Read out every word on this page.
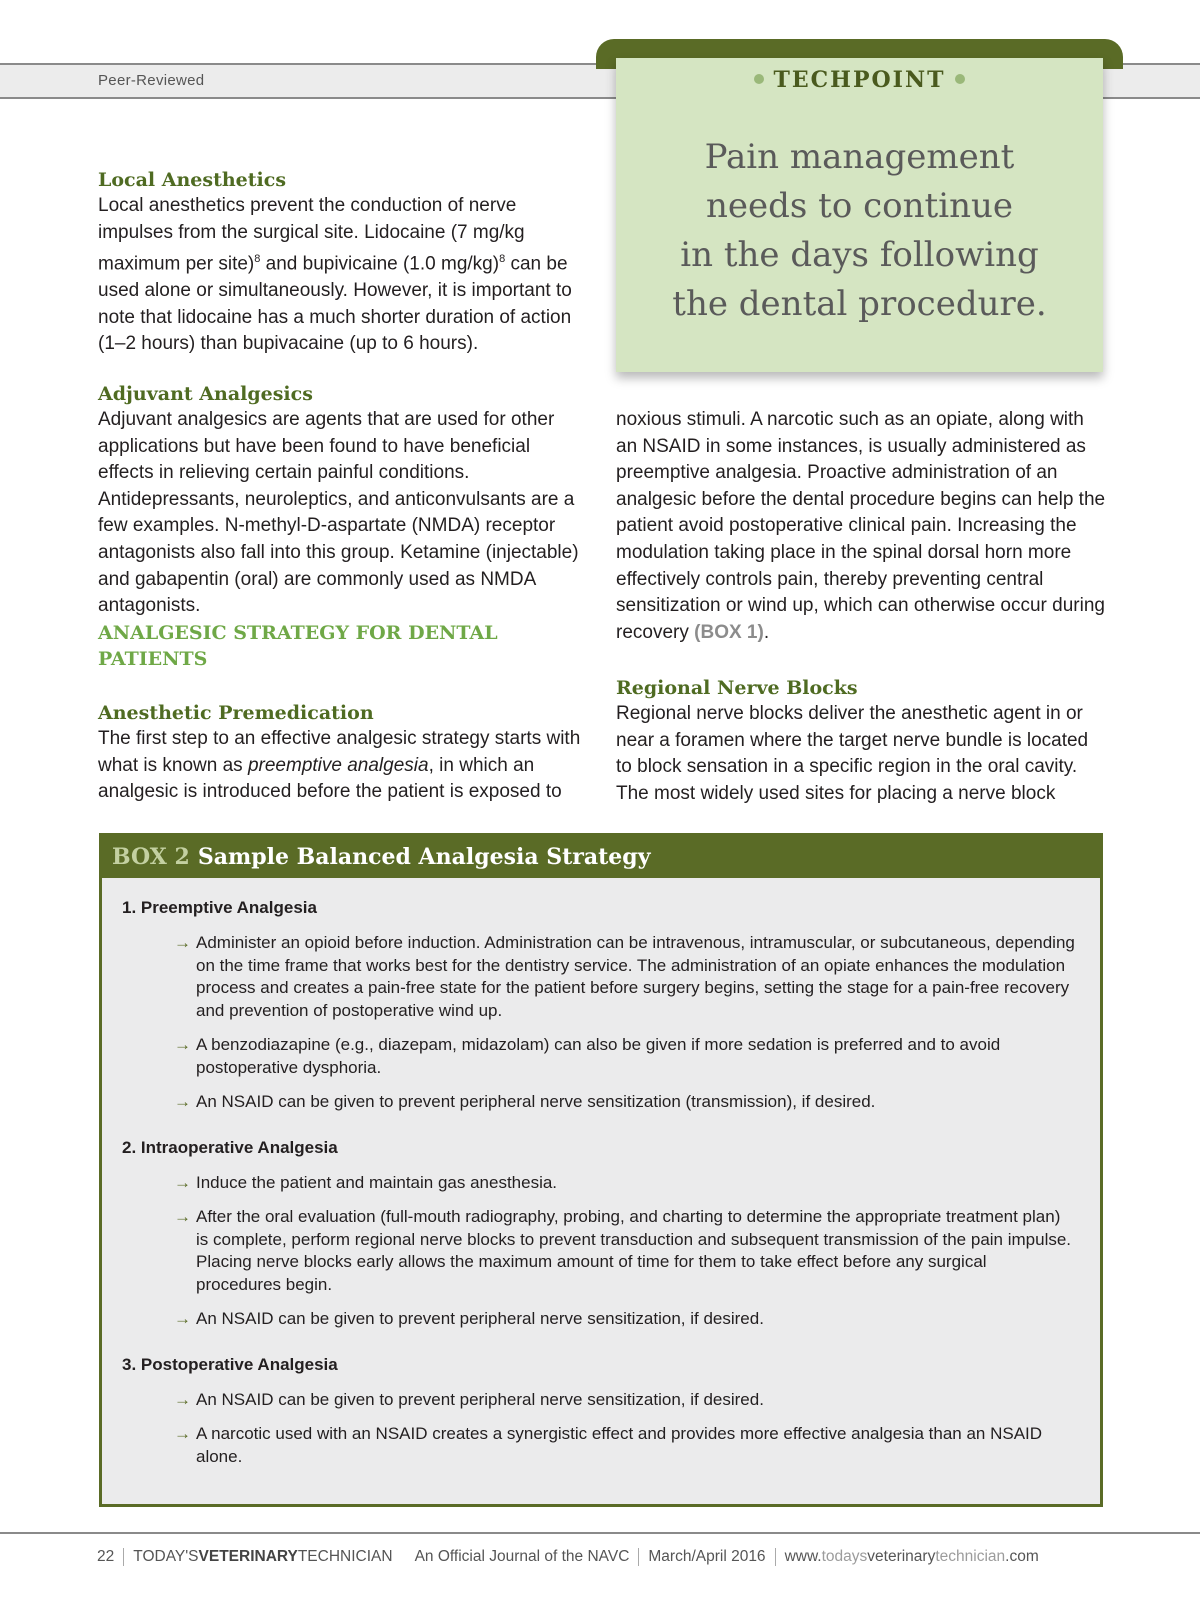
Peer-Reviewed	TECHPOINT
Pain management
needs to continue
in the days following
the dental procedure.
Local Anesthetics
Local anesthetics prevent the conduction of nerve impulses from the surgical site. Lidocaine (7 mg/kg maximum per site)$^8$ and bupivicaine (1.0 mg/kg)$^8$ can be used alone or simultaneously. However, it is important to note that lidocaine has a much shorter duration of action (1–2 hours) than bupivacaine (up to 6 hours).
Adjuvant Analgesics
Adjuvant analgesics are agents that are used for other applications but have been found to have beneficial effects in relieving certain painful conditions. Antidepressants, neuroleptics, and anticonvulsants are a few examples. N-methyl-D-aspartate (NMDA) receptor antagonists also fall into this group. Ketamine (injectable) and gabapentin (oral) are commonly used as NMDA antagonists.
ANALGESIC STRATEGY FOR DENTAL PATIENTS
Anesthetic Premedication
The first step to an effective analgesic strategy starts with what is known as preemptive analgesia, in which an analgesic is introduced before the patient is exposed to
noxious stimuli. A narcotic such as an opiate, along with an NSAID in some instances, is usually administered as preemptive analgesia. Proactive administration of an analgesic before the dental procedure begins can help the patient avoid postoperative clinical pain. Increasing the modulation taking place in the spinal dorsal horn more effectively controls pain, thereby preventing central sensitization or wind up, which can otherwise occur during recovery (BOX 1).
Regional Nerve Blocks
Regional nerve blocks deliver the anesthetic agent in or near a foramen where the target nerve bundle is located to block sensation in a specific region in the oral cavity. The most widely used sites for placing a nerve block
BOX 2 Sample Balanced Analgesia Strategy
1. Preemptive Analgesia
→ Administer an opioid before induction. Administration can be intravenous, intramuscular, or subcutaneous, depending on the time frame that works best for the dentistry service. The administration of an opiate enhances the modulation process and creates a pain-free state for the patient before surgery begins, setting the stage for a pain-free recovery and prevention of postoperative wind up.
→ A benzodiazapine (e.g., diazepam, midazolam) can also be given if more sedation is preferred and to avoid postoperative dysphoria.
→ An NSAID can be given to prevent peripheral nerve sensitization (transmission), if desired.
2. Intraoperative Analgesia
→ Induce the patient and maintain gas anesthesia.
→ After the oral evaluation (full-mouth radiography, probing, and charting to determine the appropriate treatment plan) is complete, perform regional nerve blocks to prevent transduction and subsequent transmission of the pain impulse. Placing nerve blocks early allows the maximum amount of time for them to take effect before any surgical procedures begin.
→ An NSAID can be given to prevent peripheral nerve sensitization, if desired.
3. Postoperative Analgesia
→ An NSAID can be given to prevent peripheral nerve sensitization, if desired.
→ A narcotic used with an NSAID creates a synergistic effect and provides more effective analgesia than an NSAID alone.
22 TODAY'SVETERINARYTECHNICIAN An Official Journal of the NAVC March/April 2016 www.todaysveterinarytechnician.com
